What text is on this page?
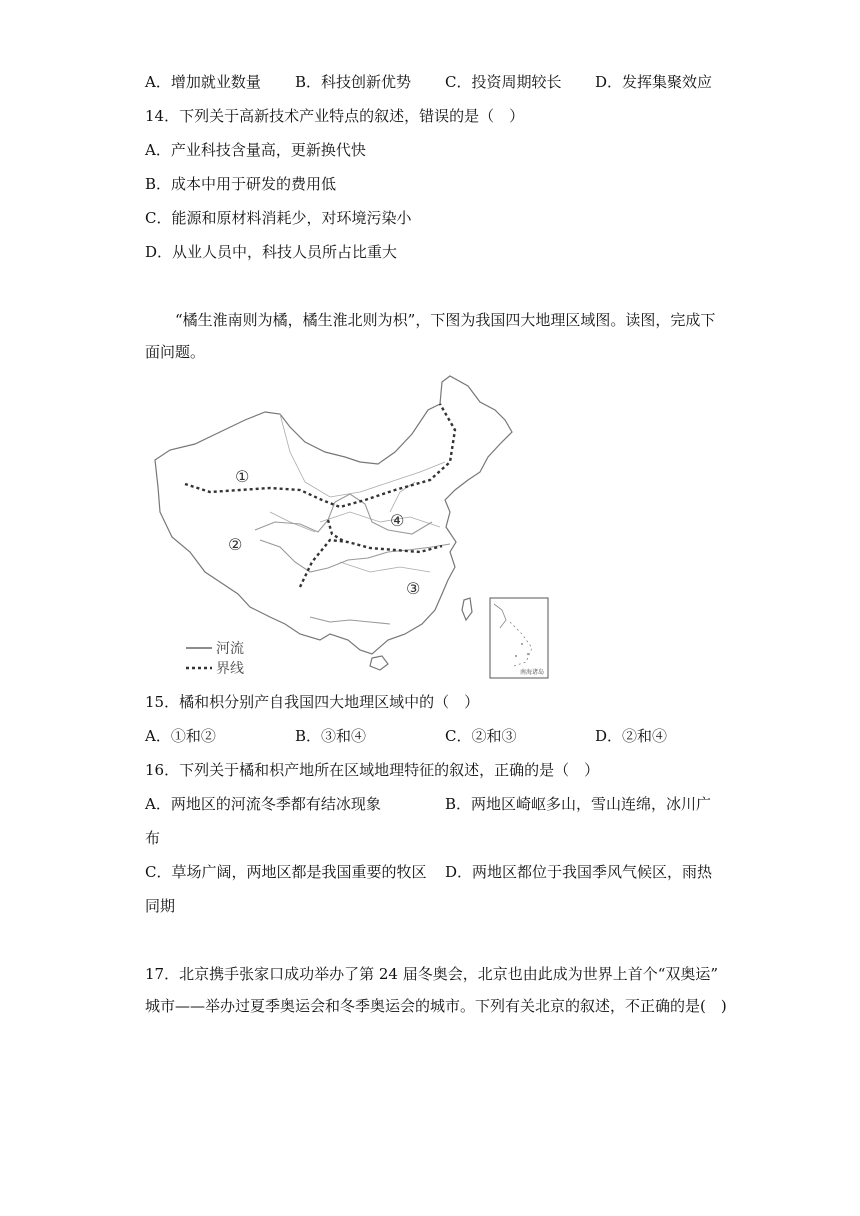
A．增加就业数量 B．科技创新优势 C．投资周期较长 D．发挥集聚效应
14．下列关于高新技术产业特点的叙述，错误的是（　）
A．产业科技含量高，更新换代快
B．成本中用于研发的费用低
C．能源和原材料消耗少，对环境污染小
D．从业人员中，科技人员所占比重大
“橘生淮南则为橘，橘生淮北则为枳”，下图为我国四大地理区域图。读图，完成下
面问题。
①
②
③
④
河流
界线	南海诸岛
15．橘和枳分别产自我国四大地理区域中的（　）
A．①和②	B．③和④	C．②和③	D．②和④
16．下列关于橘和枳产地所在区域地理特征的叙述，正确的是（　）
A．两地区的河流冬季都有结冰现象	B．两地区崎岖多山，雪山连绵，冰川广
布
C．草场广阔，两地区都是我国重要的牧区 D．两地区都位于我国季风气候区，雨热
同期
17．北京携手张家口成功举办了第 24 届冬奥会，北京也由此成为世界上首个“双奥运”
城市——举办过夏季奥运会和冬季奥运会的城市。下列有关北京的叙述，不正确的是(　)
